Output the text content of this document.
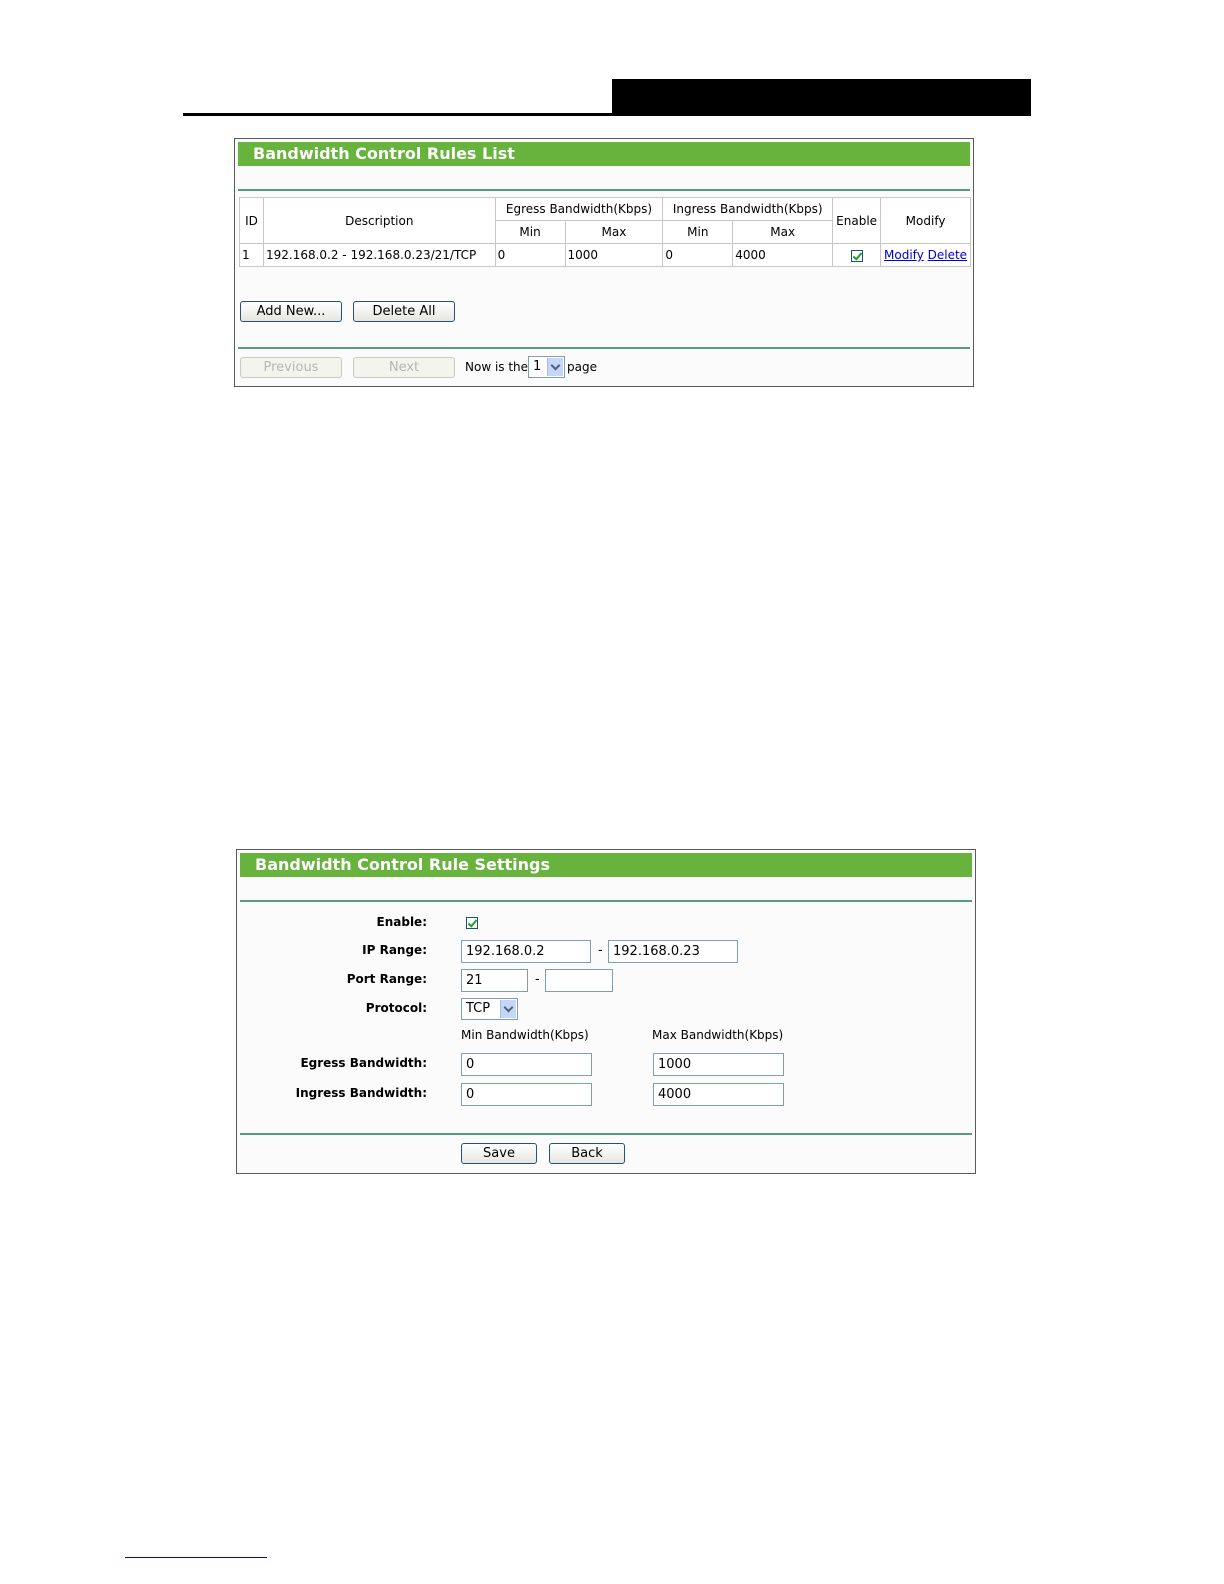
Bandwidth Control Rules List
ID	Description	Egress Bandwidth(Kbps)		Ingress Bandwidth(Kbps)		Enable	Modify
		Min	Max	Min	Max		
1	192.168.0.2 - 192.168.0.23/21/TCP	0	1000	0	4000		Modify Delete
Add New...	Delete All
Previous	Next	Now is the 1	page
Bandwidth Control Rule Settings
Enable:
IP Range:	192.168.0.2	- 192.168.0.23
Port Range:	21	-
Protocol:	TCP
Min Bandwidth(Kbps)	Max Bandwidth(Kbps)
Egress Bandwidth:	0	1000
Ingress Bandwidth:	0	4000
Save	Back
